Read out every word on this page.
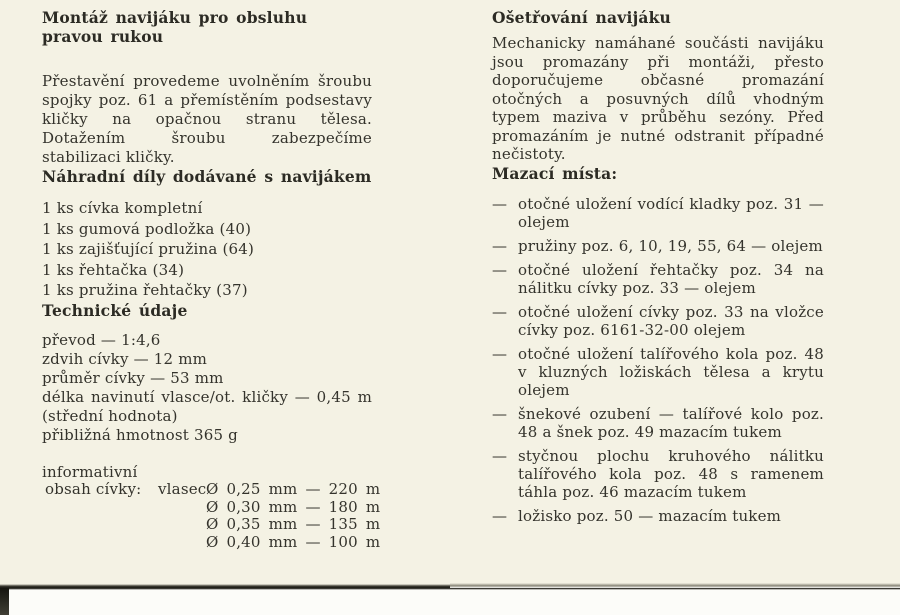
Montáž navijáku pro obsluhu pravou rukou

Přestavění provedeme uvolněním šroubu spojky poz. 61 a přemístěním podsestavy kličky na opačnou stranu tělesa. Dotažením šroubu zabezpečíme stabilizaci kličky.

Náhradní díly dodávané s navijákem
1 ks cívka kompletní
1 ks gumová podložka (40)
1 ks zajišťující pružina (64)
1 ks řehtačka (34)
1 ks pružina řehtačky (37)
Technické údaje
převod — 1:4,6
zdvih cívky — 12 mm
průměr cívky — 53 mm
délka navinutí vlasce/ot. kličky — 0,45 m
(střední hodnota)
přibližná hmotnost 365 g
informativní
obsah cívky: vlasecØ 0,25 mm — 220 m
Ø 0,30 mm — 180 m
Ø 0,35 mm — 135 m
Ø 0,40 mm — 100 m
Ošetřování navijáku

Mechanicky namáhané součásti navijáku jsou promazány při montáži, přesto doporučujeme občasné promazání otočných a posuvných dílů vhodným typem maziva v průběhu sezóny. Před promazáním je nutné odstranit případné nečistoty.

Mazací místa:
— otočné uložení vodící kladky poz. 31 — olejem
— pružiny poz. 6, 10, 19, 55, 64 — olejem
— otočné uložení řehtačky poz. 34 na nálitku cívky poz. 33 — olejem
— otočné uložení cívky poz. 33 na vložce cívky poz. 6161-32-00 olejem
— otočné uložení talířového kola poz. 48 v kluzných ložiskách tělesa a krytu olejem
— šnekové ozubení — talířové kolo poz. 48 a šnek poz. 49 mazacím tukem
— styčnou plochu kruhového nálitku talířového kola poz. 48 s ramenem táhla poz. 46 mazacím tukem
— ložisko poz. 50 — mazacím tukem
